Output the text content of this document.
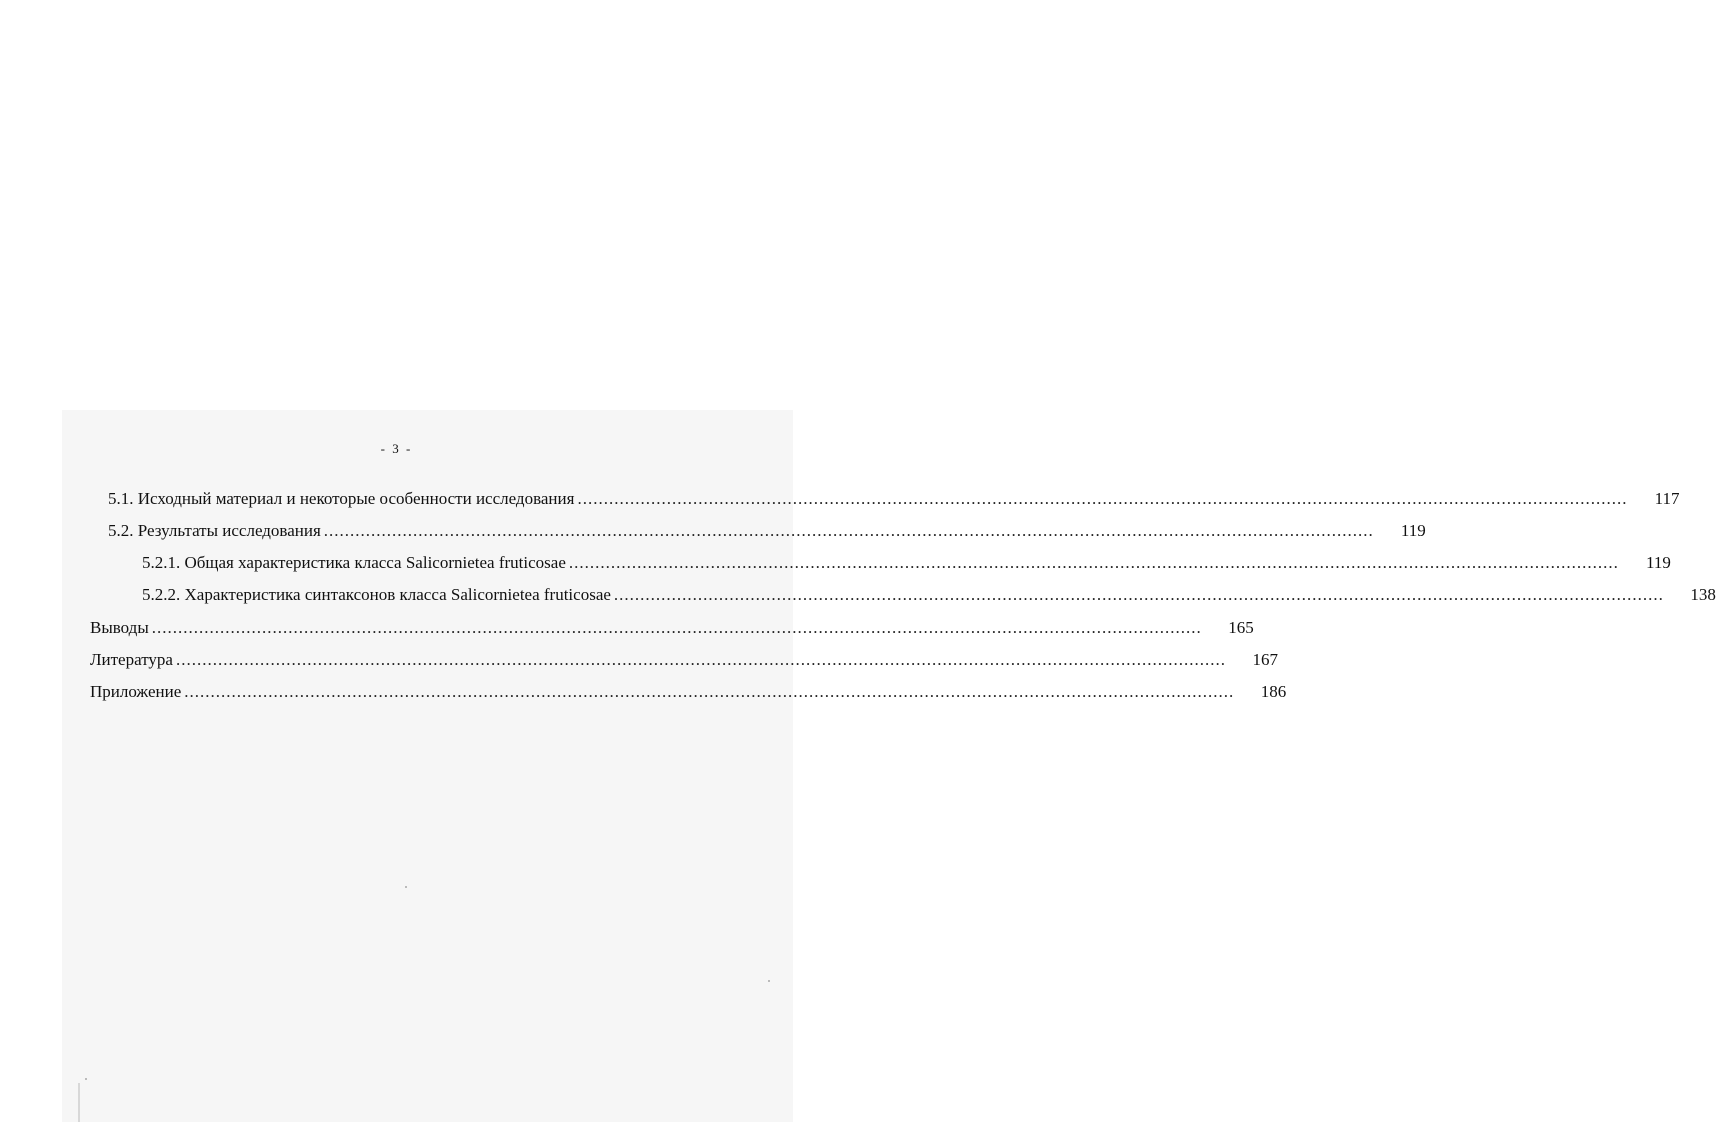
- 3 -
5.1. Исходный материал и некоторые особенности исследования ........................................................................................................................................................................................................	117
5.2. Результаты исследования ........................................................................................................................................................................................................	119
5.2.1. Общая характеристика класса Salicornietea fruticosae ........................................................................................................................................................................................................	119
5.2.2. Характеристика синтаксонов класса Salicornietea fruticosae ........................................................................................................................................................................................................	138
Выводы ........................................................................................................................................................................................................	165
Литература ........................................................................................................................................................................................................	167
Приложение ........................................................................................................................................................................................................	186
